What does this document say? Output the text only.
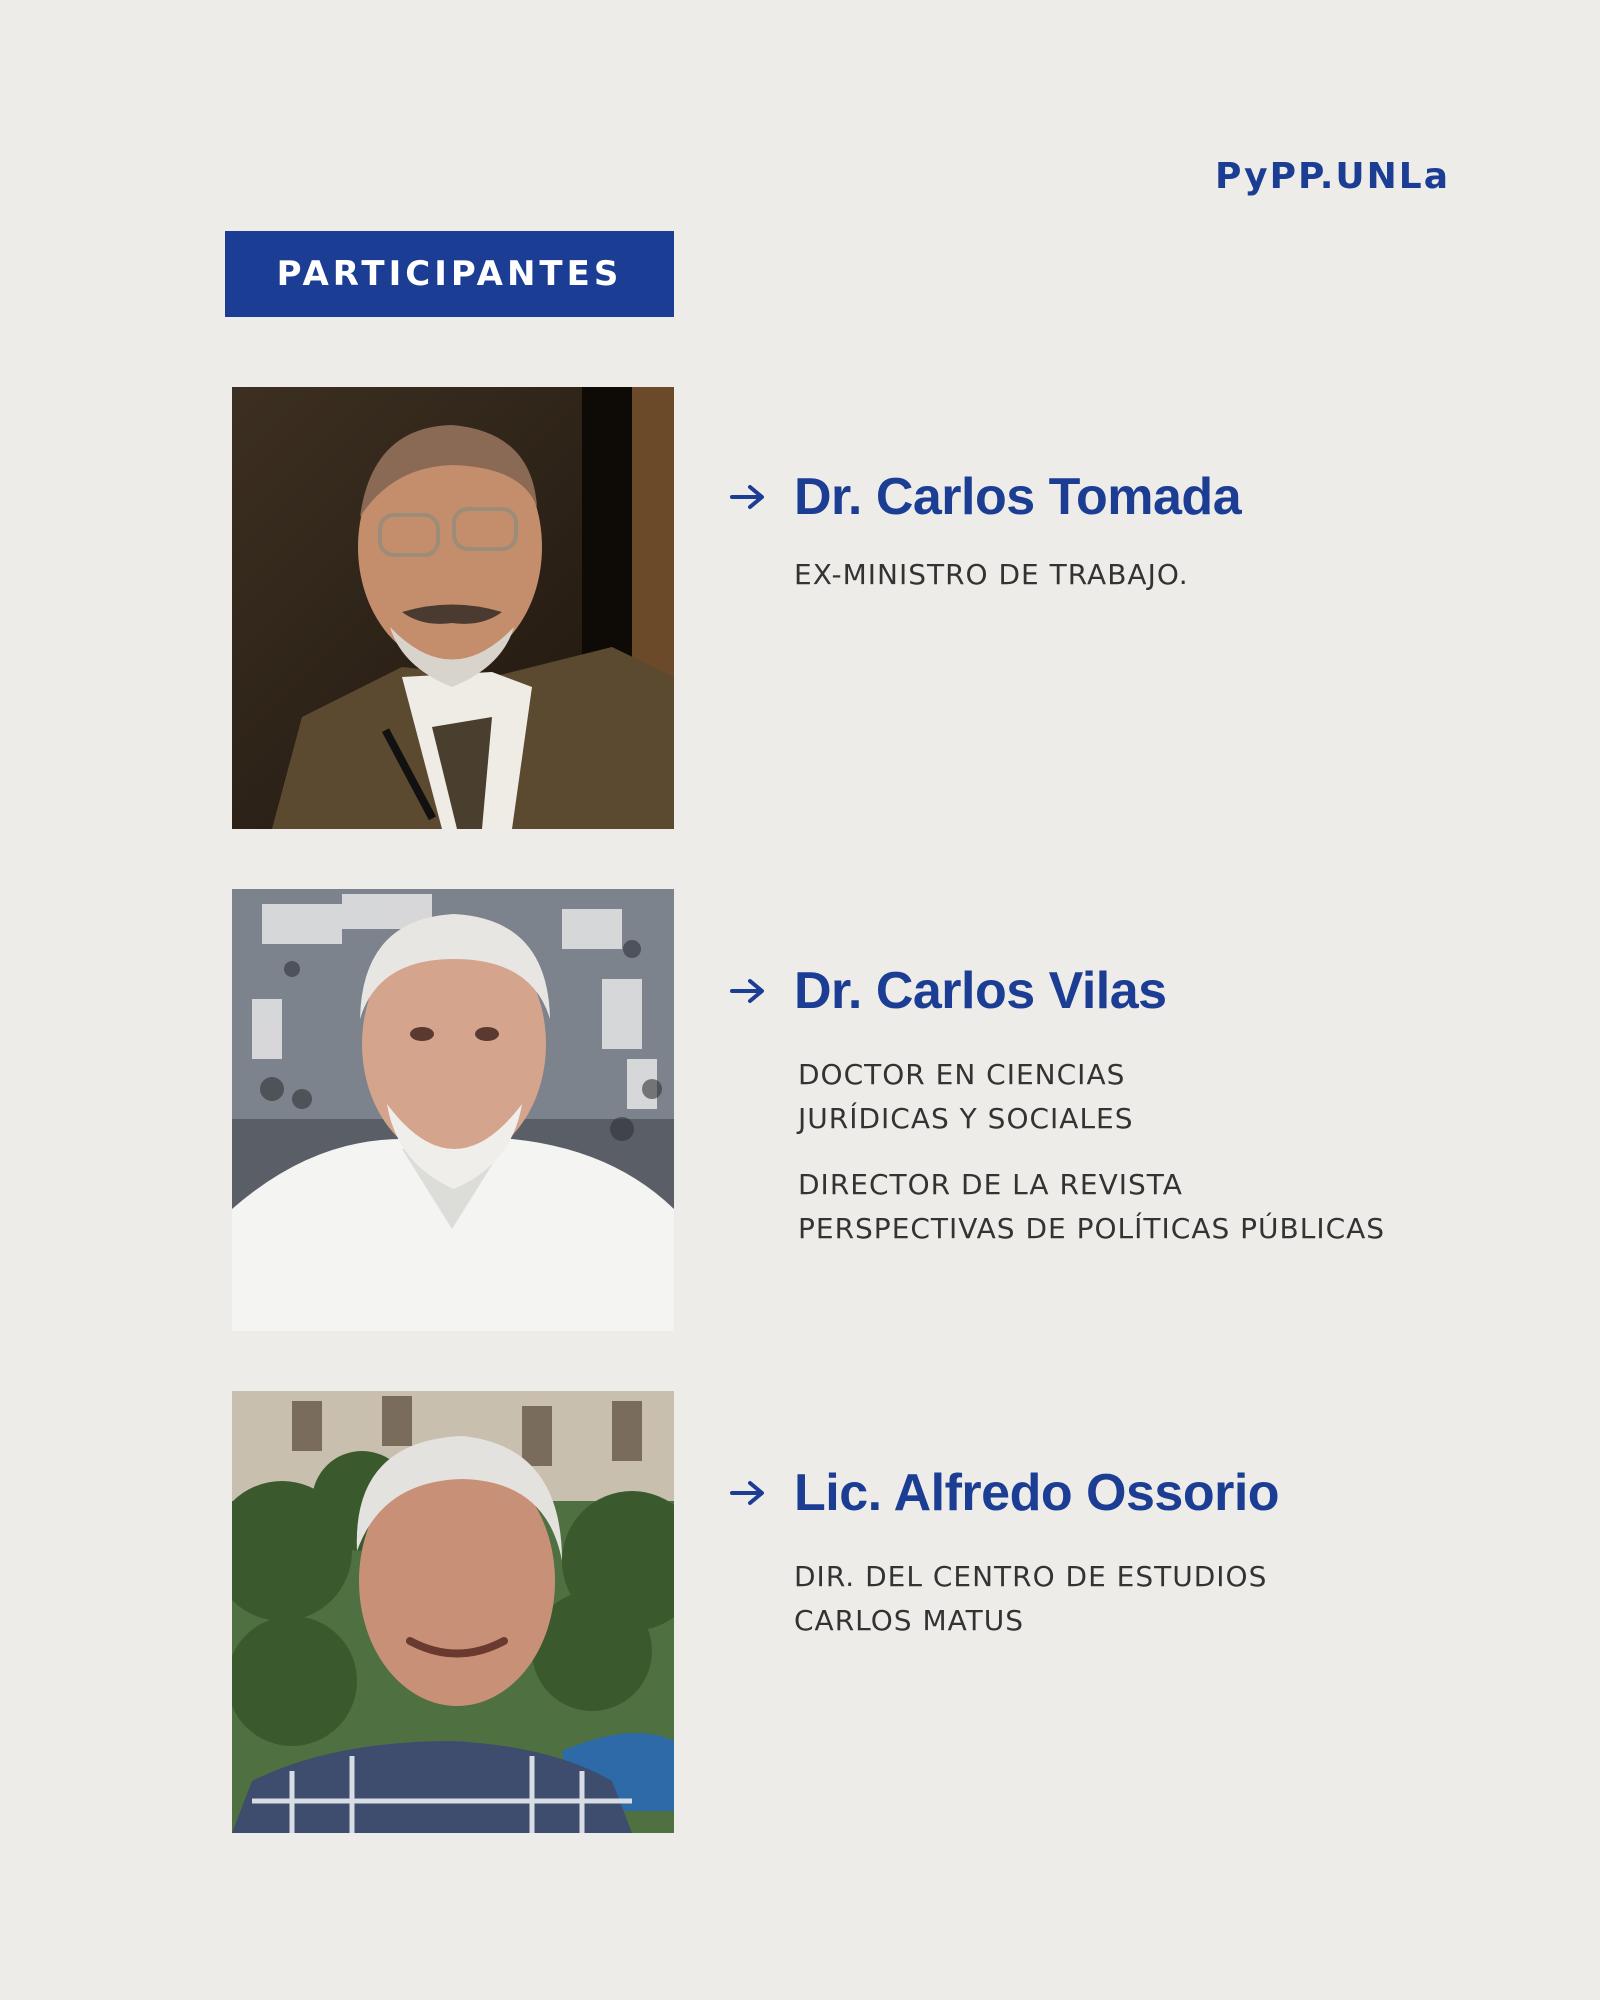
PyPP.UNLa
PARTICIPANTES
Dr. Carlos Tomada
EX-MINISTRO DE TRABAJO.
Dr. Carlos Vilas
DOCTOR EN CIENCIAS
JURÍDICAS Y SOCIALES
DIRECTOR DE LA REVISTA
PERSPECTIVAS DE POLÍTICAS PÚBLICAS
Lic. Alfredo Ossorio
DIR. DEL CENTRO DE ESTUDIOS
CARLOS MATUS
